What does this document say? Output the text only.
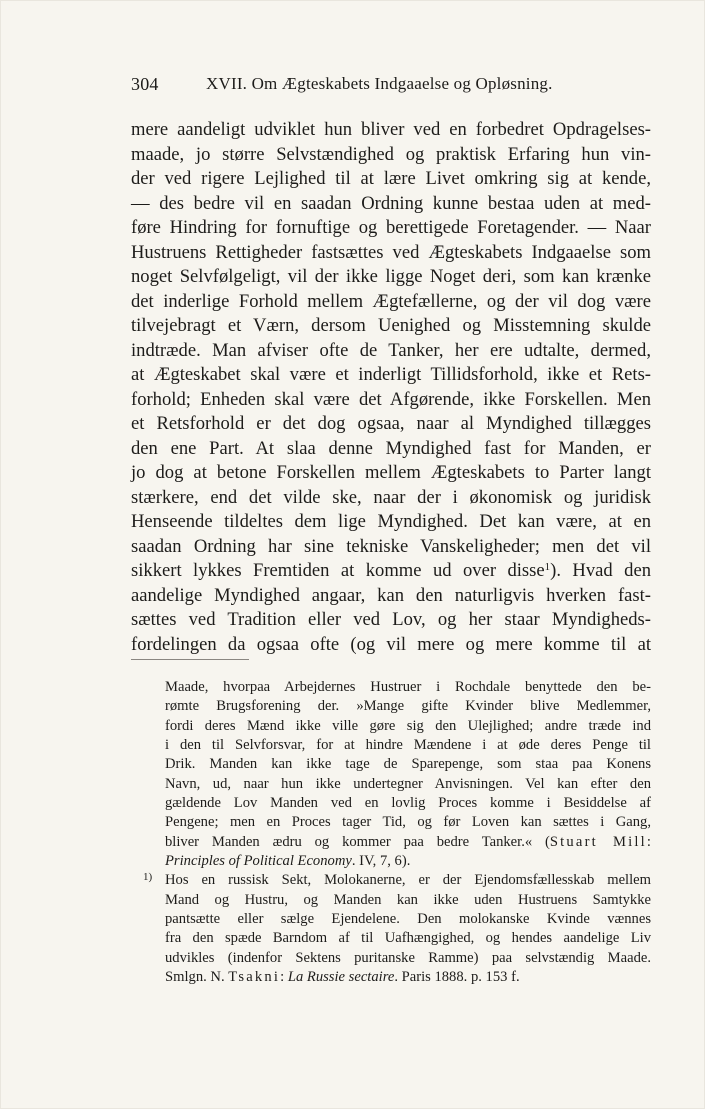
304	XVII. Om Ægteskabets Indgaaelse og Opløsning.
mere aandeligt udviklet hun bliver ved en forbedret Opdragelses-
maade, jo større Selvstændighed og praktisk Erfaring hun vin-
der ved rigere Lejlighed til at lære Livet omkring sig at kende,
— des bedre vil en saadan Ordning kunne bestaa uden at med-
føre Hindring for fornuftige og berettigede Foretagender. — Naar
Hustruens Rettigheder fastsættes ved Ægteskabets Indgaaelse som
noget Selvfølgeligt, vil der ikke ligge Noget deri, som kan krænke
det inderlige Forhold mellem Ægtefællerne, og der vil dog være
tilvejebragt et Værn, dersom Uenighed og Misstemning skulde
indtræde. Man afviser ofte de Tanker, her ere udtalte, dermed,
at Ægteskabet skal være et inderligt Tillidsforhold, ikke et Rets-
forhold; Enheden skal være det Afgørende, ikke Forskellen. Men
et Retsforhold er det dog ogsaa, naar al Myndighed tillægges
den ene Part. At slaa denne Myndighed fast for Manden, er
jo dog at betone Forskellen mellem Ægteskabets to Parter langt
stærkere, end det vilde ske, naar der i økonomisk og juridisk
Henseende tildeltes dem lige Myndighed. Det kan være, at en
saadan Ordning har sine tekniske Vanskeligheder; men det vil
sikkert lykkes Fremtiden at komme ud over disse$^1$). Hvad den
aandelige Myndighed angaar, kan den naturligvis hverken fast-
sættes ved Tradition eller ved Lov, og her staar Myndigheds-
fordelingen da ogsaa ofte (og vil mere og mere komme til at
Maade, hvorpaa Arbejdernes Hustruer i Rochdale benyttede den be-
rømte Brugsforening der. »Mange gifte Kvinder blive Medlemmer,
fordi deres Mænd ikke ville gøre sig den Ulejlighed; andre træde ind
i den til Selvforsvar, for at hindre Mændene i at øde deres Penge til
Drik. Manden kan ikke tage de Sparepenge, som staa paa Konens
Navn, ud, naar hun ikke undertegner Anvisningen. Vel kan efter den
gældende Lov Manden ved en lovlig Proces komme i Besiddelse af
Pengene; men en Proces tager Tid, og før Loven kan sættes i Gang,
bliver Manden ædru og kommer paa bedre Tanker.« (Stuart Mill:
Principles of Political Economy. IV, 7, 6).
1) Hos en russisk Sekt, Molokanerne, er der Ejendomsfællesskab mellem
Mand og Hustru, og Manden kan ikke uden Hustruens Samtykke
pantsætte eller sælge Ejendelene. Den molokanske Kvinde vænnes
fra den spæde Barndom af til Uafhængighed, og hendes aandelige Liv
udvikles (indenfor Sektens puritanske Ramme) paa selvstændig Maade.
Smlgn. N. Tsakni: La Russie sectaire. Paris 1888. p. 153 f.
